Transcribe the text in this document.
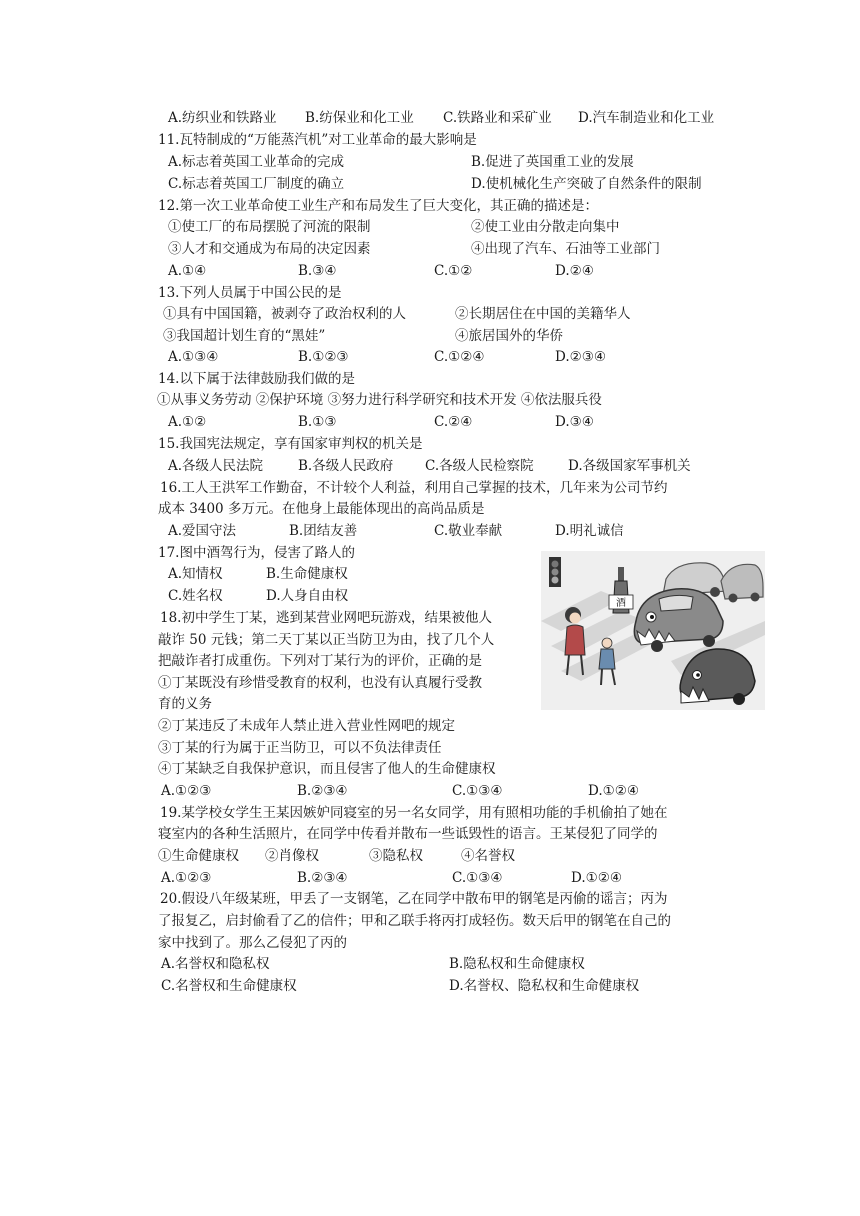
A.纺织业和铁路业 B.纺保业和化工业 C.铁路业和采矿业 D.汽车制造业和化工业
11.瓦特制成的“万能蒸汽机”对工业革命的最大影响是
A.标志着英国工业革命的完成	B.促进了英国重工业的发展
C.标志着英国工厂制度的确立	D.使机械化生产突破了自然条件的限制
12.第一次工业革命使工业生产和布局发生了巨大变化，其正确的描述是：
①使工厂的布局摆脱了河流的限制	②使工业由分散走向集中
③人才和交通成为布局的决定因素	④出现了汽车、石油等工业部门
A.①④	B.③④	C.①②	D.②④
13.下列人员属于中国公民的是
①具有中国国籍，被剥夺了政治权利的人	②长期居住在中国的美籍华人
③我国超计划生育的“黑娃”	④旅居国外的华侨
A.①③④	B.①②③	C.①②④	D.②③④
14.以下属于法律鼓励我们做的是
①从事义务劳动 ②保护环境 ③努力进行科学研究和技术开发 ④依法服兵役
A.①②	B.①③	C.②④	D.③④
15.我国宪法规定，享有国家审判权的机关是
A.各级人民法院	B.各级人民政府 C.各级人民检察院	D.各级国家军事机关
16.工人王洪军工作勤奋，不计较个人利益，利用自己掌握的技术，几年来为公司节约
成本 3400 多万元。在他身上最能体现出的高尚品质是
A.爱国守法	B.团结友善	C.敬业奉献	D.明礼诚信
17.图中酒驾行为，侵害了路人的
A.知情权	B.生命健康权
C.姓名权	D.人身自由权	酒
18.初中学生丁某，逃到某营业网吧玩游戏，结果被他人
敲诈 50 元钱；第二天丁某以正当防卫为由，找了几个人
把敲诈者打成重伤。下列对丁某行为的评价，正确的是
①丁某既没有珍惜受教育的权利，也没有认真履行受教
育的义务
②丁某违反了未成年人禁止进入营业性网吧的规定
③丁某的行为属于正当防卫，可以不负法律责任
④丁某缺乏自我保护意识，而且侵害了他人的生命健康权
A.①②③	B.②③④	C.①③④	D.①②④
19.某学校女学生王某因嫉妒同寝室的另一名女同学，用有照相功能的手机偷拍了她在
寝室内的各种生活照片，在同学中传看并散布一些诋毁性的语言。王某侵犯了同学的
①生命健康权 ②肖像权	③隐私权	④名誉权
A.①②③	B.②③④	C.①③④	D.①②④
20.假设八年级某班，甲丢了一支钢笔，乙在同学中散布甲的钢笔是丙偷的谣言；丙为
了报复乙，启封偷看了乙的信件；甲和乙联手将丙打成轻伤。数天后甲的钢笔在自己的
家中找到了。那么乙侵犯了丙的
A.名誉权和隐私权	B.隐私权和生命健康权
C.名誉权和生命健康权	D.名誉权、隐私权和生命健康权
